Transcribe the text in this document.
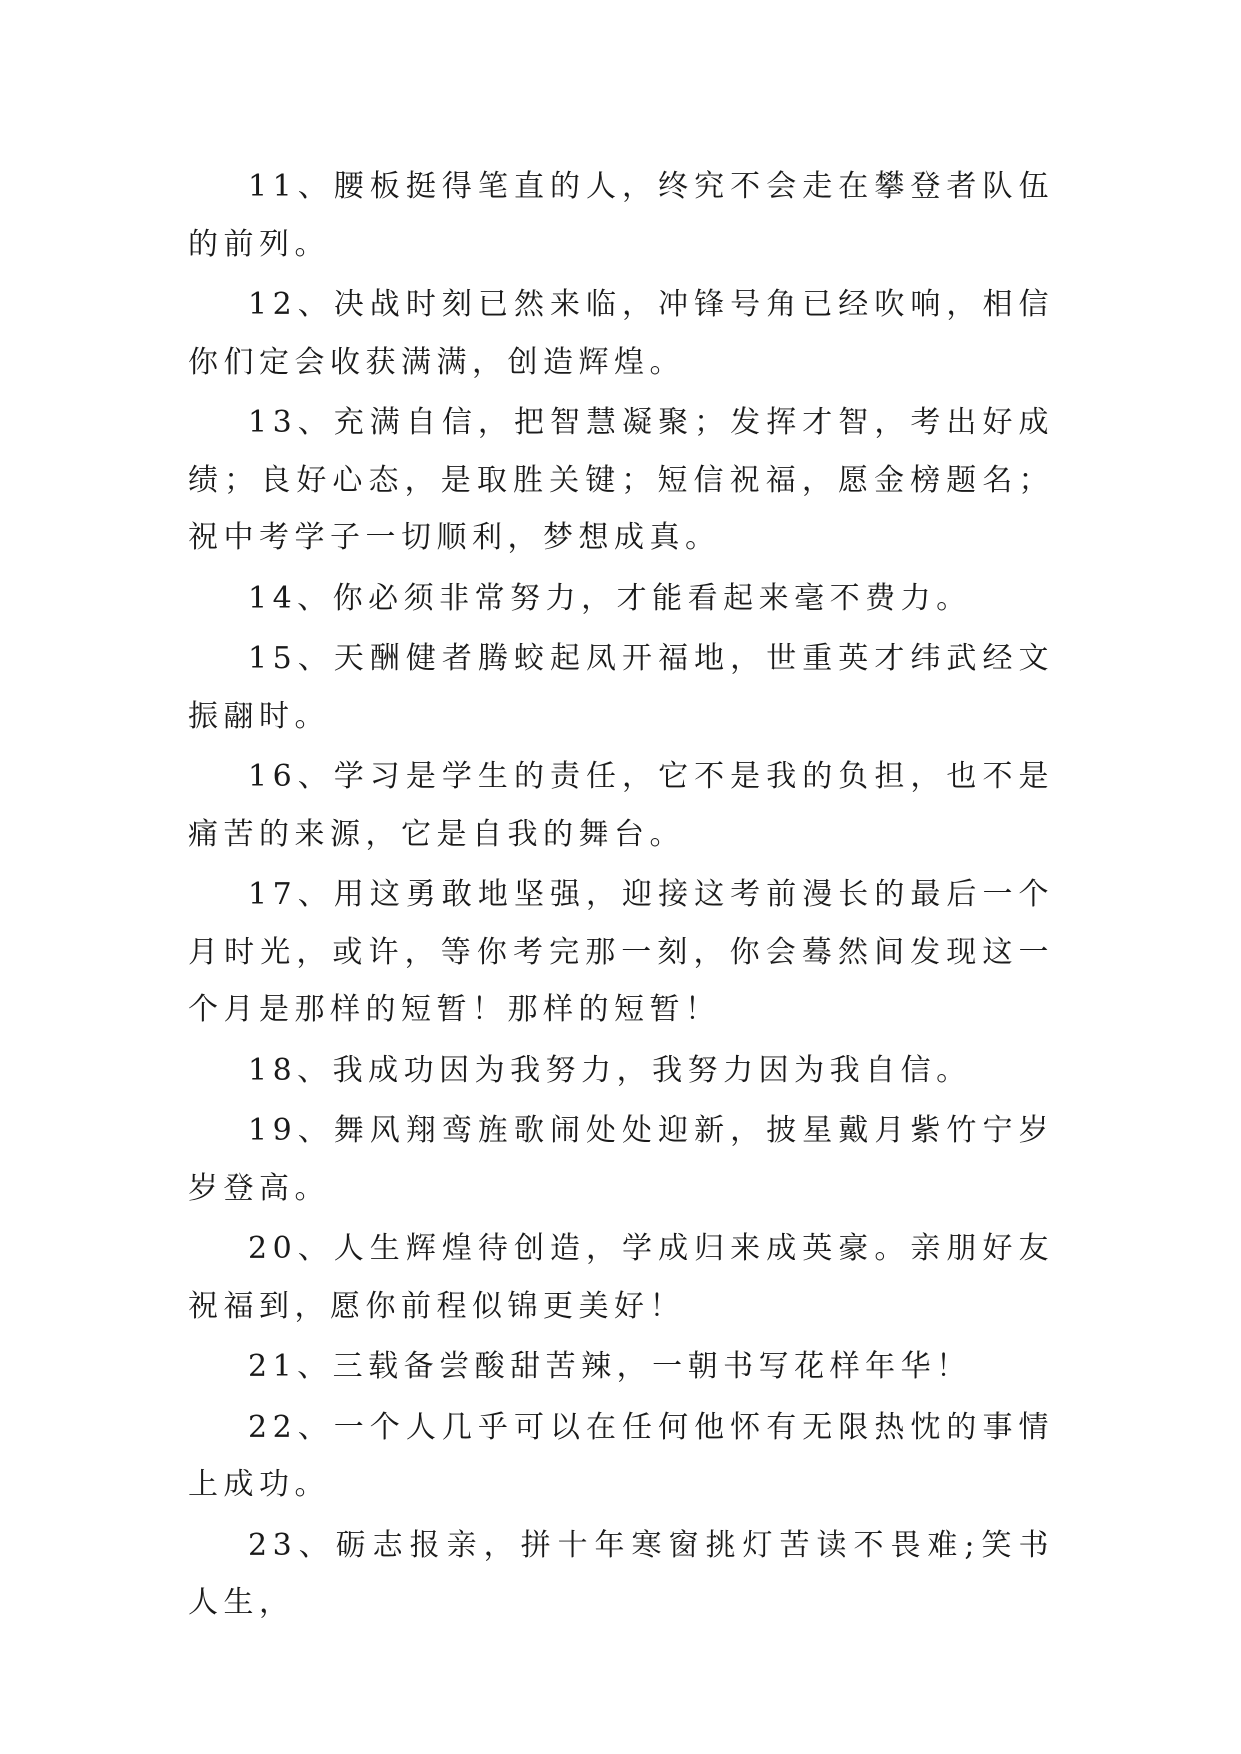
11、腰板挺得笔直的人，终究不会走在攀登者队伍的前列。

12、决战时刻已然来临，冲锋号角已经吹响，相信你们定会收获满满，创造辉煌。

13、充满自信，把智慧凝聚；发挥才智，考出好成绩；良好心态，是取胜关键；短信祝福，愿金榜题名；祝中考学子一切顺利，梦想成真。

14、你必须非常努力，才能看起来毫不费力。

15、天酬健者腾蛟起凤开福地，世重英才纬武经文振翮时。

16、学习是学生的责任，它不是我的负担，也不是痛苦的来源，它是自我的舞台。

17、用这勇敢地坚强，迎接这考前漫长的最后一个月时光，或许，等你考完那一刻，你会蓦然间发现这一个月是那样的短暂！那样的短暂！

18、我成功因为我努力，我努力因为我自信。

19、舞风翔鸾旌歌闹处处迎新，披星戴月紫竹宁岁岁登高。

20、人生辉煌待创造，学成归来成英豪。亲朋好友祝福到，愿你前程似锦更美好！

21、三载备尝酸甜苦辣，一朝书写花样年华！

22、一个人几乎可以在任何他怀有无限热忱的事情上成功。

23、砺志报亲，拼十年寒窗挑灯苦读不畏难;笑书人生，
